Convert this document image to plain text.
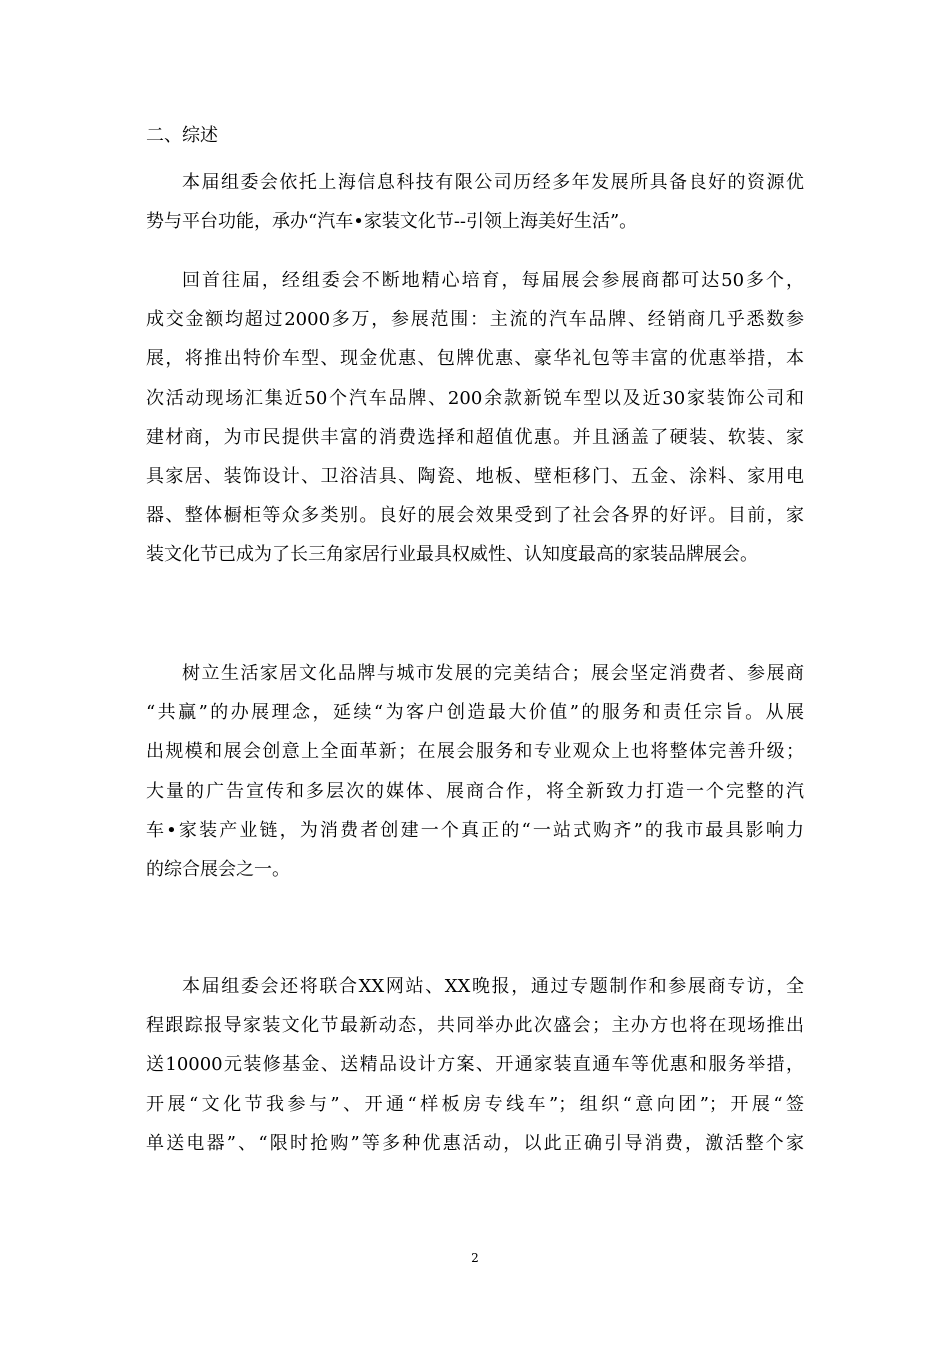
二、综述
本届组委会依托上海信息科技有限公司历经多年发展所具备良好的资源优
势与平台功能，承办“汽车•家装文化节--引领上海美好生活”。
回首往届，经组委会不断地精心培育，每届展会参展商都可达50多个，
成交金额均超过2000多万，参展范围：主流的汽车品牌、经销商几乎悉数参
展，将推出特价车型、现金优惠、包牌优惠、豪华礼包等丰富的优惠举措，本
次活动现场汇集近50个汽车品牌、200余款新锐车型以及近30家装饰公司和
建材商，为市民提供丰富的消费选择和超值优惠。并且涵盖了硬装、软装、家
具家居、装饰设计、卫浴洁具、陶瓷、地板、壁柜移门、五金、涂料、家用电
器、整体橱柜等众多类别。良好的展会效果受到了社会各界的好评。目前，家
装文化节已成为了长三角家居行业最具权威性、认知度最高的家装品牌展会。
树立生活家居文化品牌与城市发展的完美结合；展会坚定消费者、参展商
“共赢”的办展理念，延续“为客户创造最大价值”的服务和责任宗旨。从展
出规模和展会创意上全面革新；在展会服务和专业观众上也将整体完善升级；
大量的广告宣传和多层次的媒体、展商合作，将全新致力打造一个完整的汽
车•家装产业链，为消费者创建一个真正的“一站式购齐”的我市最具影响力
的综合展会之一。
本届组委会还将联合XX网站、XX晚报，通过专题制作和参展商专访，全
程跟踪报导家装文化节最新动态，共同举办此次盛会；主办方也将在现场推出
送10000元装修基金、送精品设计方案、开通家装直通车等优惠和服务举措，
开展“文化节我参与”、开通“样板房专线车”；组织“意向团”；开展“签
单送电器”、“限时抢购”等多种优惠活动，以此正确引导消费，激活整个家
2
